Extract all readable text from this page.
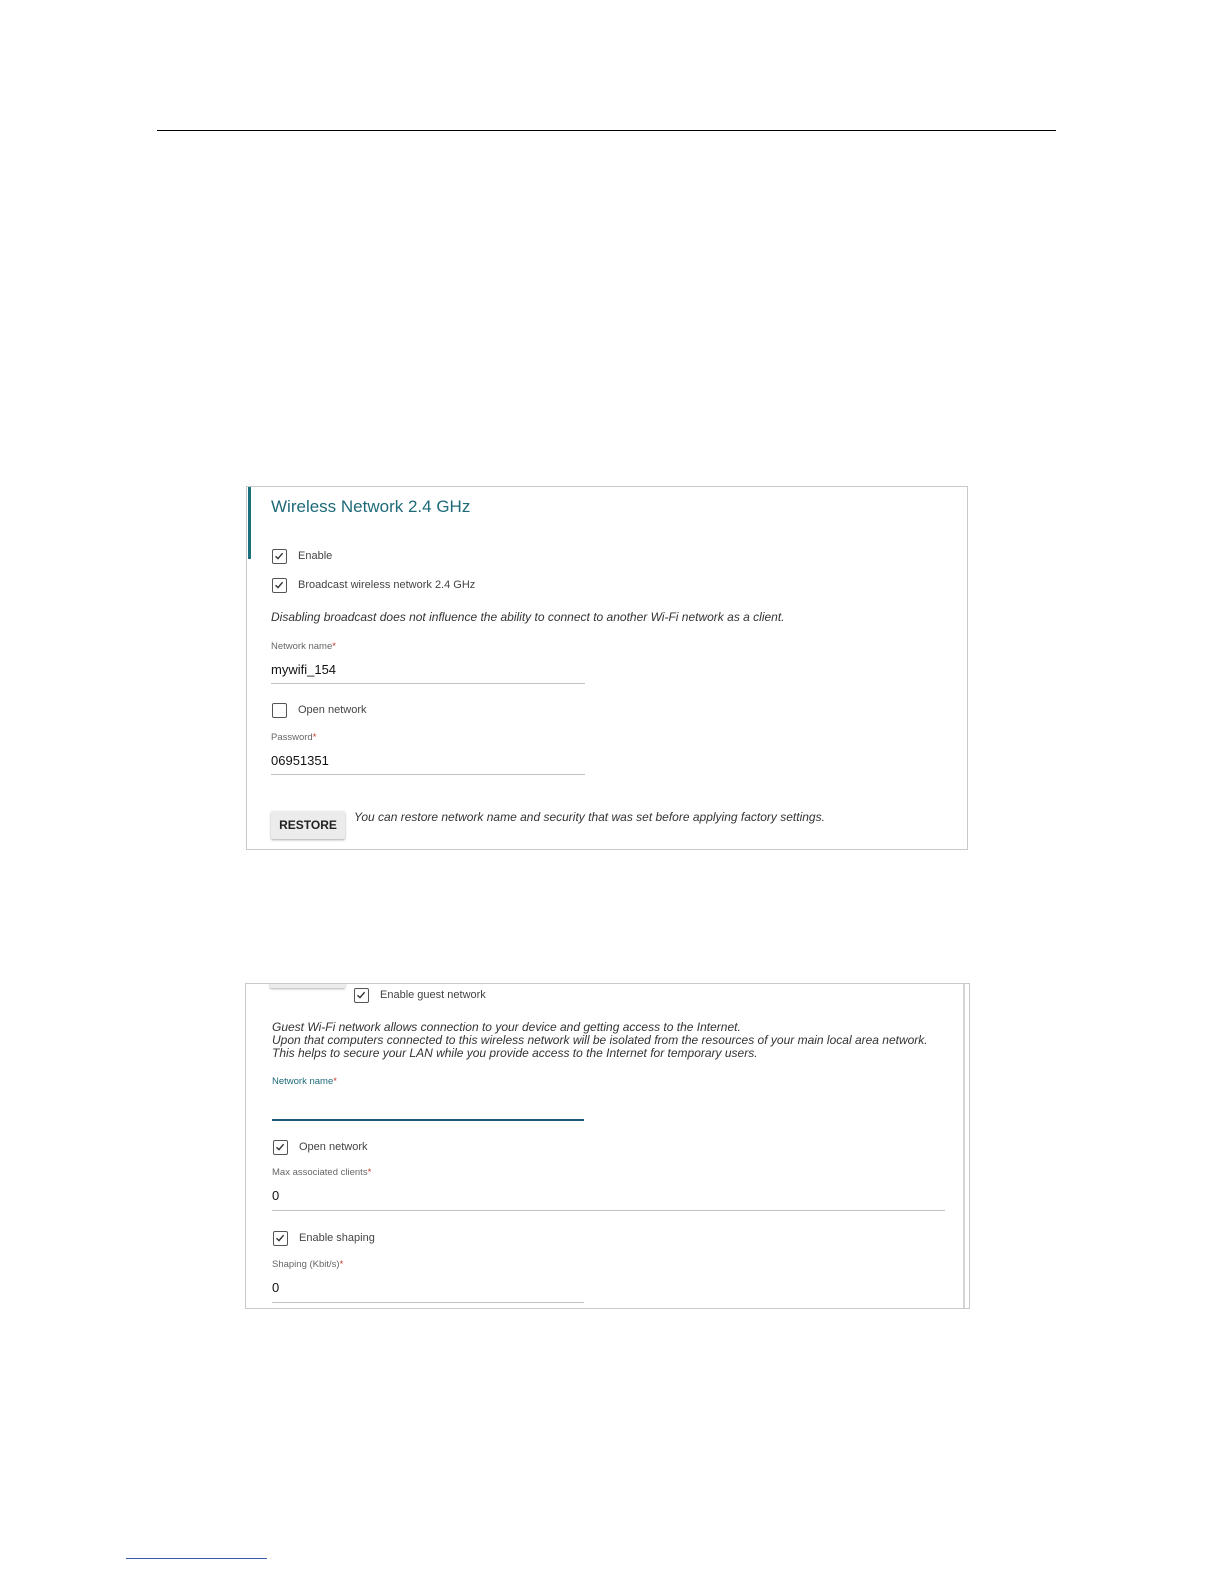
Wireless Network 2.4 GHz
Enable
Broadcast wireless network 2.4 GHz
Disabling broadcast does not influence the ability to connect to another Wi-Fi network as a client.
Network name*
mywifi_154
Open network
Password*
06951351
RESTORE
You can restore network name and security that was set before applying factory settings.
Enable guest network
Guest Wi-Fi network allows connection to your device and getting access to the Internet.
Upon that computers connected to this wireless network will be isolated from the resources of your main local area network.
This helps to secure your LAN while you provide access to the Internet for temporary users.
Network name*
Open network
Max associated clients*
0
Enable shaping
Shaping (Kbit/s)*
0
